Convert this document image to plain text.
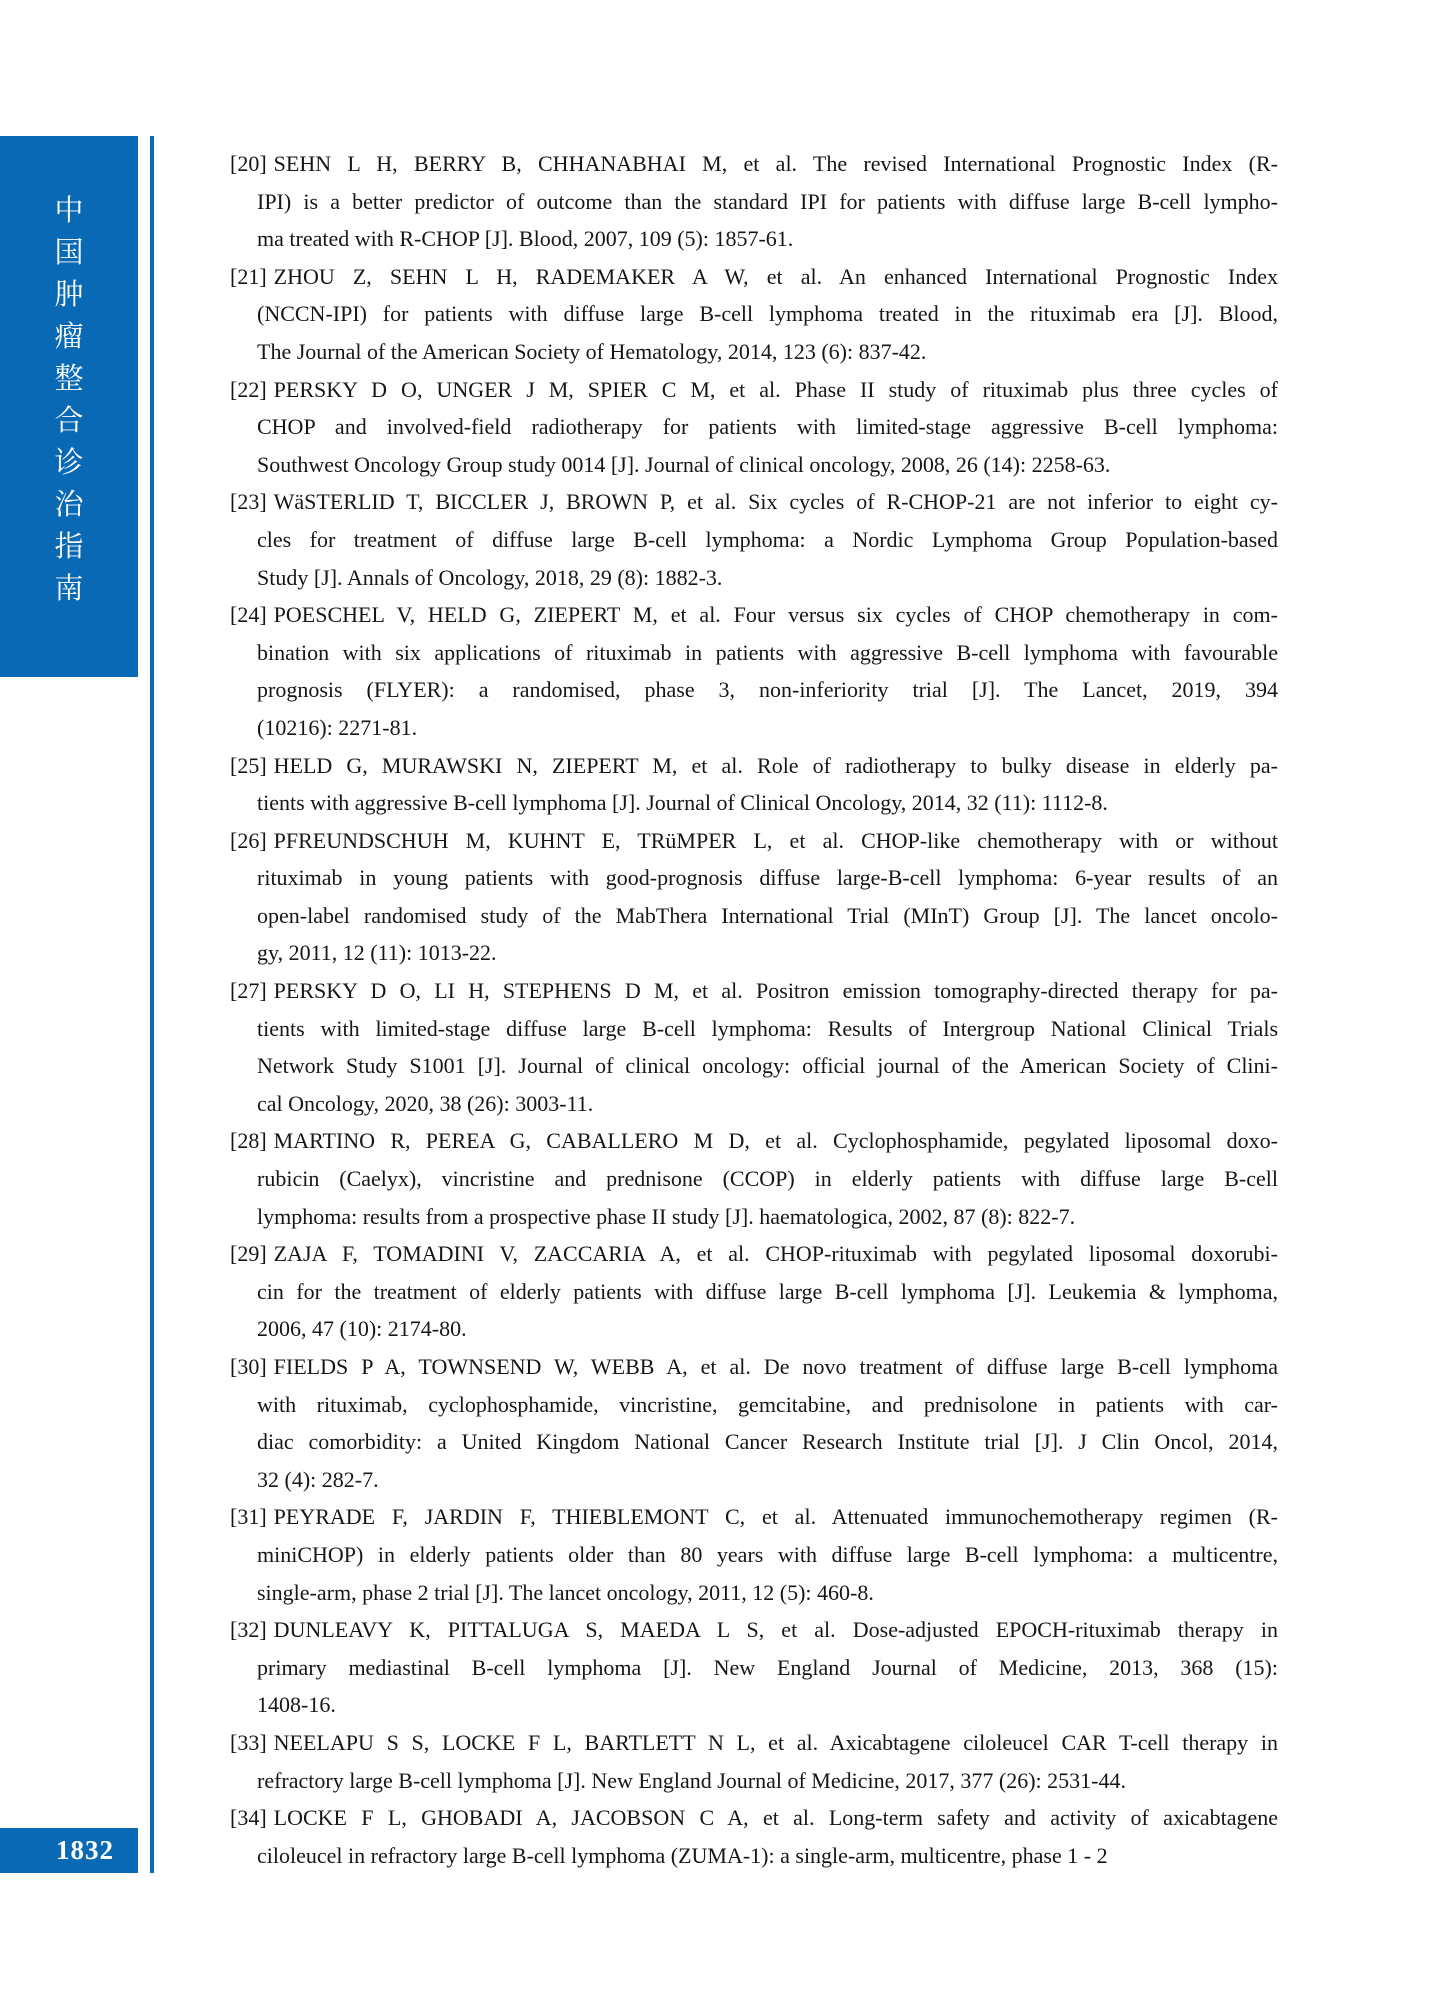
中
国
肿
瘤
整
合
诊
治
指
南
[20] SEHN L H, BERRY B, CHHANABHAI M, et al. The revised International Prognostic Index (R-
IPI) is a better predictor of outcome than the standard IPI for patients with diffuse large B-cell lympho-
ma treated with R-CHOP [J]. Blood, 2007, 109 (5): 1857-61.
[21] ZHOU Z, SEHN L H, RADEMAKER A W, et al. An enhanced International Prognostic Index
(NCCN-IPI) for patients with diffuse large B-cell lymphoma treated in the rituximab era [J]. Blood,
The Journal of the American Society of Hematology, 2014, 123 (6): 837-42.
[22] PERSKY D O, UNGER J M, SPIER C M, et al. Phase II study of rituximab plus three cycles of
CHOP and involved-field radiotherapy for patients with limited-stage aggressive B-cell lymphoma:
Southwest Oncology Group study 0014 [J]. Journal of clinical oncology, 2008, 26 (14): 2258-63.
[23] WäSTERLID T, BICCLER J, BROWN P, et al. Six cycles of R-CHOP-21 are not inferior to eight cy-
cles for treatment of diffuse large B-cell lymphoma: a Nordic Lymphoma Group Population-based
Study [J]. Annals of Oncology, 2018, 29 (8): 1882-3.
[24] POESCHEL V, HELD G, ZIEPERT M, et al. Four versus six cycles of CHOP chemotherapy in com-
bination with six applications of rituximab in patients with aggressive B-cell lymphoma with favourable
prognosis (FLYER): a randomised, phase 3, non-inferiority trial [J]. The Lancet, 2019, 394
(10216): 2271-81.
[25] HELD G, MURAWSKI N, ZIEPERT M, et al. Role of radiotherapy to bulky disease in elderly pa-
tients with aggressive B-cell lymphoma [J]. Journal of Clinical Oncology, 2014, 32 (11): 1112-8.
[26] PFREUNDSCHUH M, KUHNT E, TRüMPER L, et al. CHOP-like chemotherapy with or without
rituximab in young patients with good-prognosis diffuse large-B-cell lymphoma: 6-year results of an
open-label randomised study of the MabThera International Trial (MInT) Group [J]. The lancet oncolo-
gy, 2011, 12 (11): 1013-22.
[27] PERSKY D O, LI H, STEPHENS D M, et al. Positron emission tomography-directed therapy for pa-
tients with limited-stage diffuse large B-cell lymphoma: Results of Intergroup National Clinical Trials
Network Study S1001 [J]. Journal of clinical oncology: official journal of the American Society of Clini-
cal Oncology, 2020, 38 (26): 3003-11.
[28] MARTINO R, PEREA G, CABALLERO M D, et al. Cyclophosphamide, pegylated liposomal doxo-
rubicin (Caelyx), vincristine and prednisone (CCOP) in elderly patients with diffuse large B-cell
lymphoma: results from a prospective phase II study [J]. haematologica, 2002, 87 (8): 822-7.
[29] ZAJA F, TOMADINI V, ZACCARIA A, et al. CHOP-rituximab with pegylated liposomal doxorubi-
cin for the treatment of elderly patients with diffuse large B-cell lymphoma [J]. Leukemia & lymphoma,
2006, 47 (10): 2174-80.
[30] FIELDS P A, TOWNSEND W, WEBB A, et al. De novo treatment of diffuse large B-cell lymphoma
with rituximab, cyclophosphamide, vincristine, gemcitabine, and prednisolone in patients with car-
diac comorbidity: a United Kingdom National Cancer Research Institute trial [J]. J Clin Oncol, 2014,
32 (4): 282-7.
[31] PEYRADE F, JARDIN F, THIEBLEMONT C, et al. Attenuated immunochemotherapy regimen (R-
miniCHOP) in elderly patients older than 80 years with diffuse large B-cell lymphoma: a multicentre,
single-arm, phase 2 trial [J]. The lancet oncology, 2011, 12 (5): 460-8.
[32] DUNLEAVY K, PITTALUGA S, MAEDA L S, et al. Dose-adjusted EPOCH-rituximab therapy in
primary mediastinal B-cell lymphoma [J]. New England Journal of Medicine, 2013, 368 (15):
1408-16.
[33] NEELAPU S S, LOCKE F L, BARTLETT N L, et al. Axicabtagene ciloleucel CAR T-cell therapy in
refractory large B-cell lymphoma [J]. New England Journal of Medicine, 2017, 377 (26): 2531-44.
[34] LOCKE F L, GHOBADI A, JACOBSON C A, et al. Long-term safety and activity of axicabtagene
ciloleucel in refractory large B-cell lymphoma (ZUMA-1): a single-arm, multicentre, phase 1 - 2
1832
